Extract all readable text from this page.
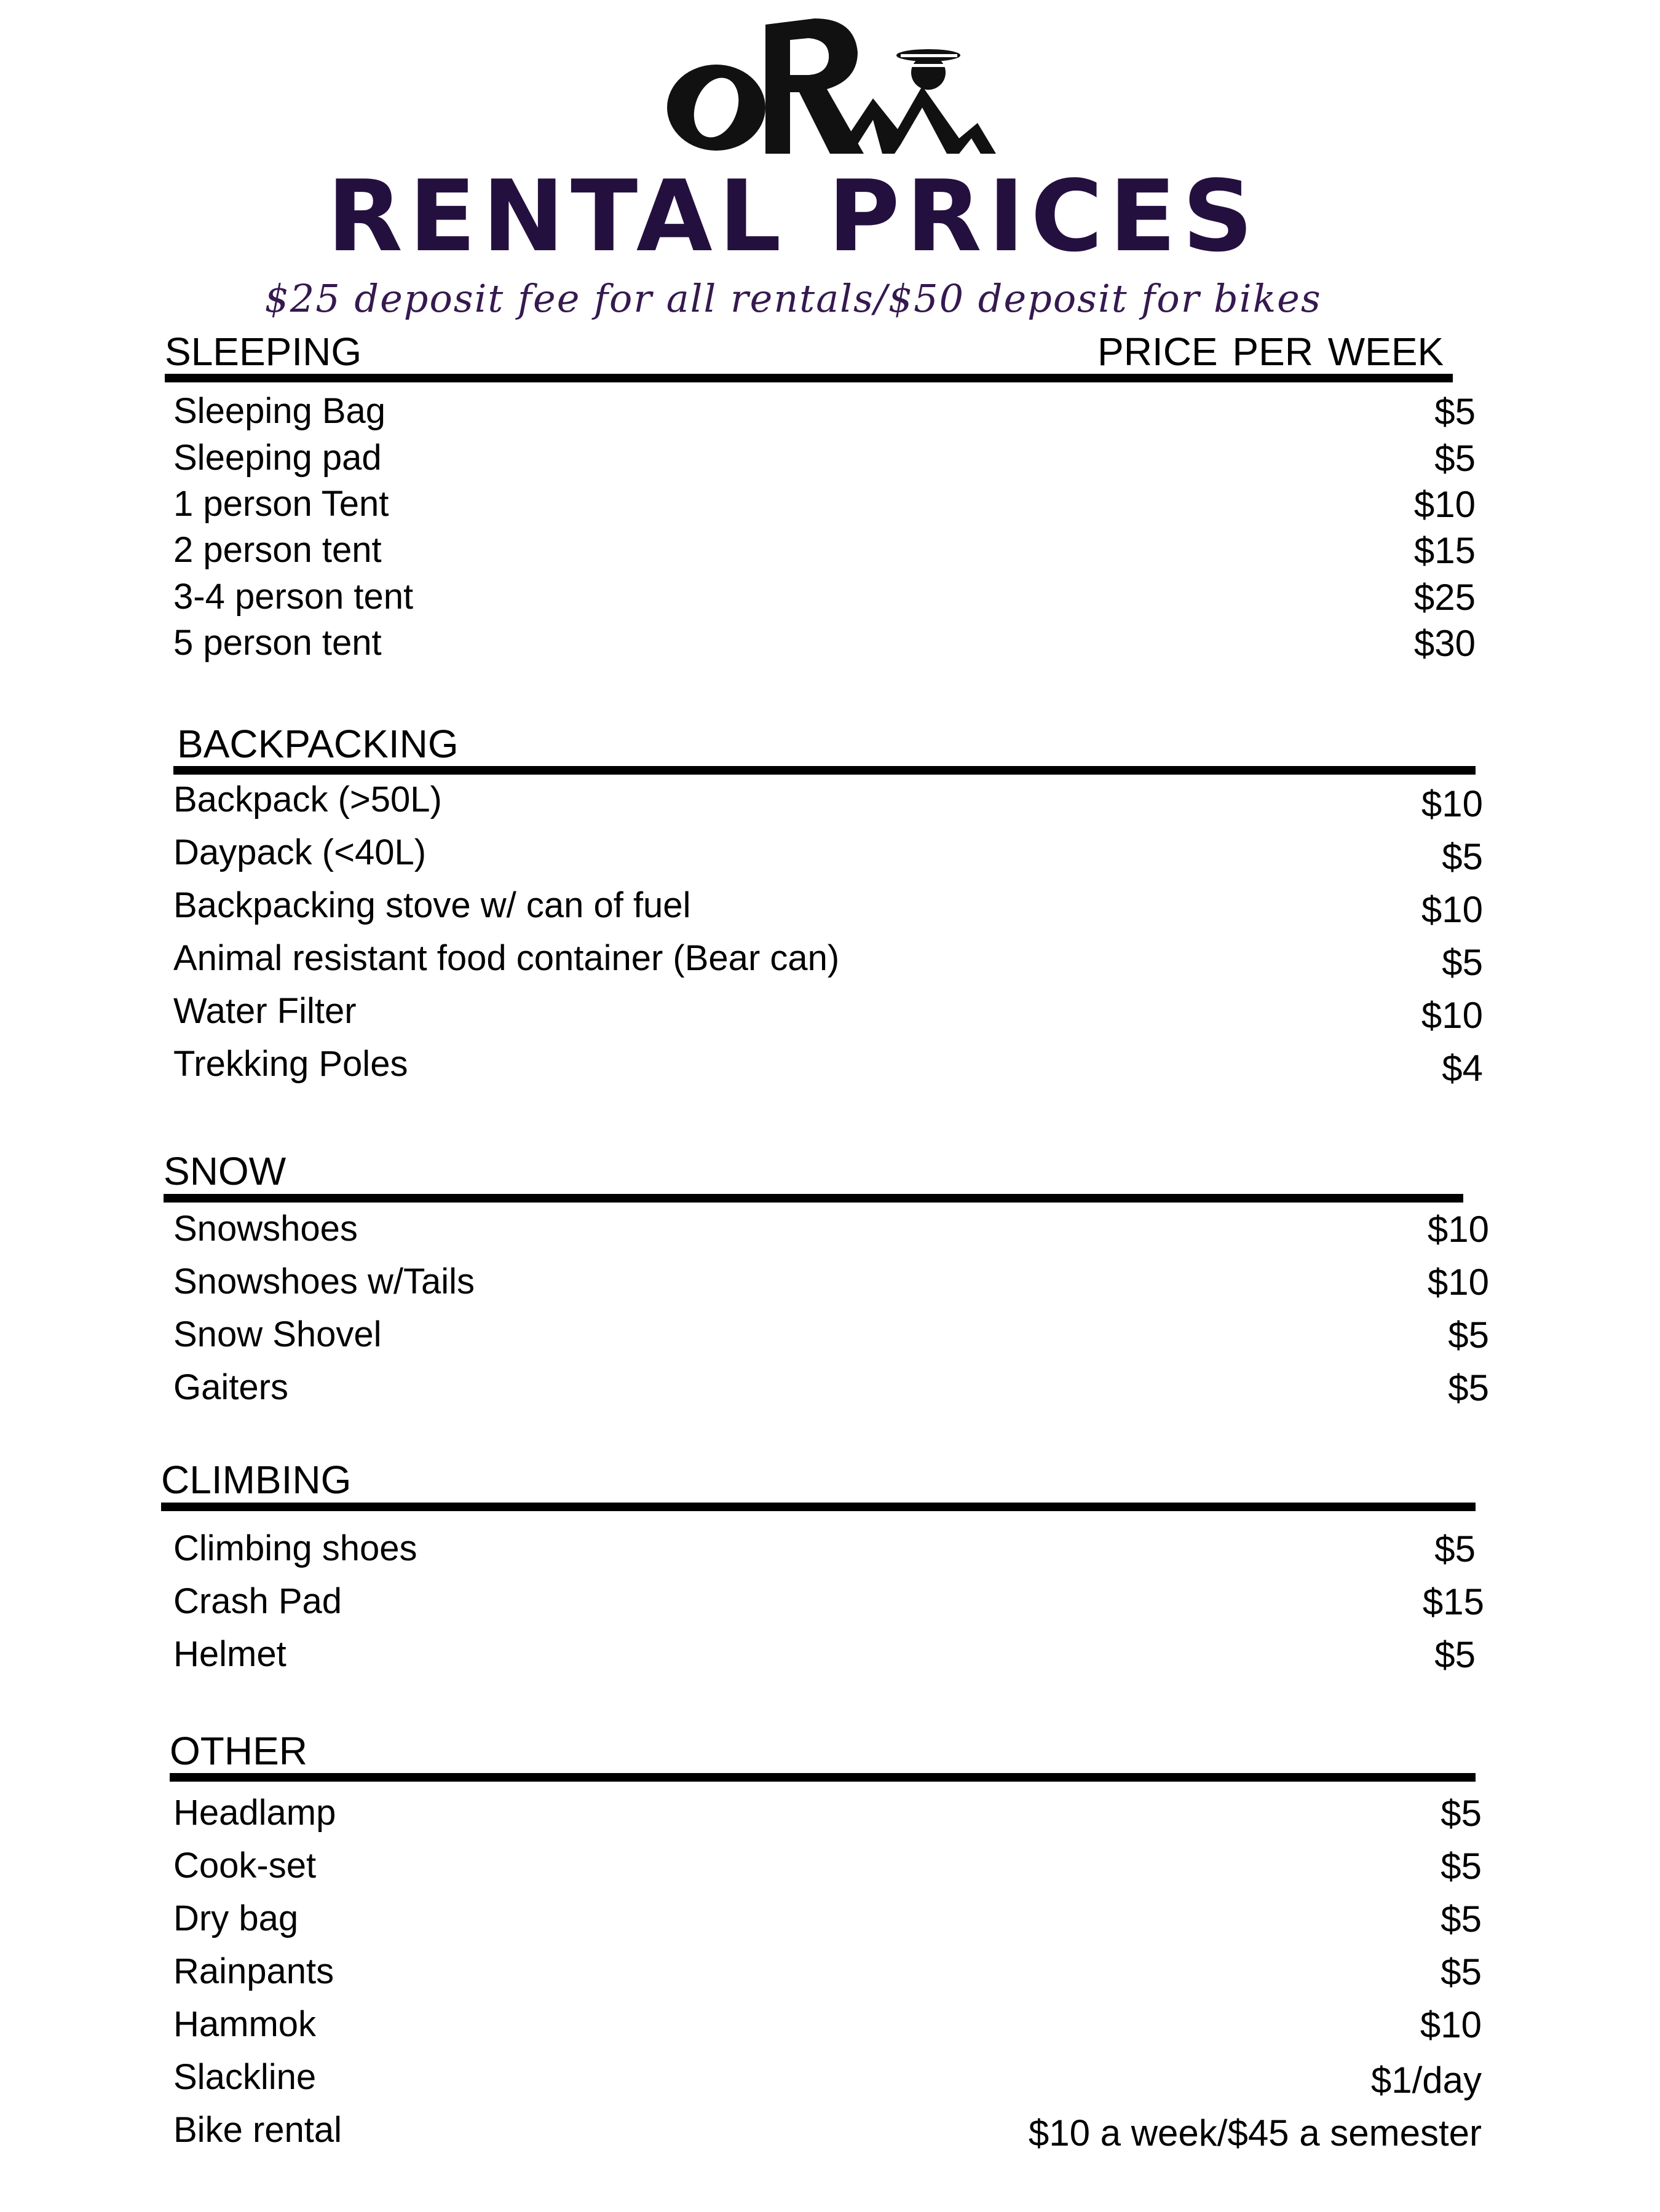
RENTAL PRICES
$25 deposit fee for all rentals/$50 deposit for bikes
PRICE PER WEEK
SLEEPING
Sleeping Bag	$5
Sleeping pad	$5
1 person Tent	$10
2 person tent	$15
3-4 person tent	$25
5 person tent	$30
BACKPACKING
Backpack (>50L)	$10
Daypack (<40L)	$5
Backpacking stove w/ can of fuel	$10
Animal resistant food container (Bear can)	$5
Water Filter	$10
Trekking Poles	$4
SNOW
Snowshoes	$10
Snowshoes w/Tails	$10
Snow Shovel	$5
Gaiters	$5
CLIMBING
Climbing shoes	$5
Crash Pad	$15
Helmet	$5
OTHER
Headlamp	$5
Cook-set	$5
Dry bag	$5
Rainpants	$5
Hammok	$10
Slackline	$1/day
Bike rental	$10 a week/$45 a semester
